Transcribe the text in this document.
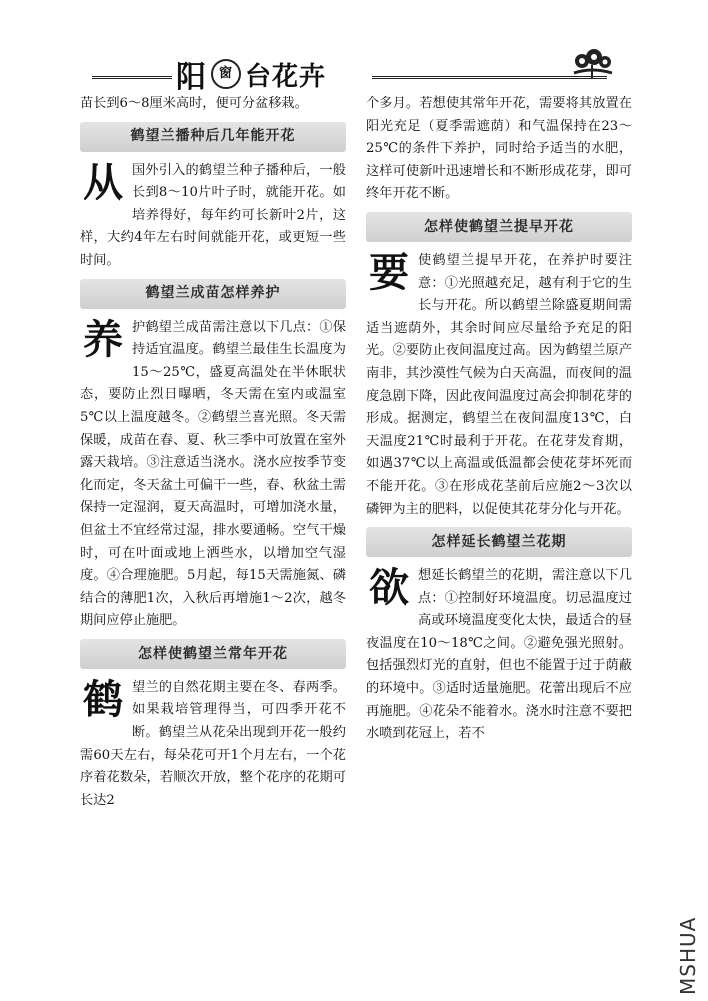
阳 窗 台花卉

苗长到6～8厘米高时，便可分盆移栽。

鹤望兰播种后几年能开花

从国外引入的鹤望兰种子播种后，一般长到8～10片叶子时，就能开花。如培养得好，每年约可长新叶2片，这样，大约4年左右时间就能开花，或更短一些时间。

鹤望兰成苗怎样养护

养护鹤望兰成苗需注意以下几点：①保持适宜温度。鹤望兰最佳生长温度为15～25℃，盛夏高温处在半休眠状态，要防止烈日曝晒，冬天需在室内或温室5℃以上温度越冬。②鹤望兰喜光照。冬天需保暖，成苗在春、夏、秋三季中可放置在室外露天栽培。③注意适当浇水。浇水应按季节变化而定，冬天盆土可偏干一些，春、秋盆土需保持一定湿润，夏天高温时，可增加浇水量，但盆土不宜经常过湿，排水要通畅。空气干燥时，可在叶面或地上洒些水，以增加空气湿度。④合理施肥。5月起，每15天需施氮、磷结合的薄肥1次，入秋后再增施1～2次，越冬期间应停止施肥。

怎样使鹤望兰常年开花

鹤望兰的自然花期主要在冬、春两季。如果栽培管理得当，可四季开花不断。鹤望兰从花朵出现到开花一般约需60天左右，每朵花可开1个月左右，一个花序着花数朵，若顺次开放，整个花序的花期可长达2

个多月。若想使其常年开花，需要将其放置在阳光充足（夏季需遮荫）和气温保持在23～25℃的条件下养护，同时给予适当的水肥，这样可使新叶迅速增长和不断形成花芽，即可终年开花不断。

怎样使鹤望兰提早开花

要使鹤望兰提早开花，在养护时要注意：①光照越充足，越有利于它的生长与开花。所以鹤望兰除盛夏期间需适当遮荫外，其余时间应尽量给予充足的阳光。②要防止夜间温度过高。因为鹤望兰原产南非，其沙漠性气候为白天高温，而夜间的温度急剧下降，因此夜间温度过高会抑制花芽的形成。据测定，鹤望兰在夜间温度13℃，白天温度21℃时最利于开花。在花芽发育期，如遇37℃以上高温或低温都会使花芽坏死而不能开花。③在形成花茎前后应施2～3次以磷钾为主的肥料，以促使其花芽分化与开花。

怎样延长鹤望兰花期

欲想延长鹤望兰的花期，需注意以下几点：①控制好环境温度。切忌温度过高或环境温度变化太快，最适合的昼夜温度在10～18℃之间。②避免强光照射。包括强烈灯光的直射，但也不能置于过于荫蔽的环境中。③适时适量施肥。花蕾出现后不应再施肥。④花朵不能着水。浇水时注意不要把水喷到花冠上，若不

MSHUA
